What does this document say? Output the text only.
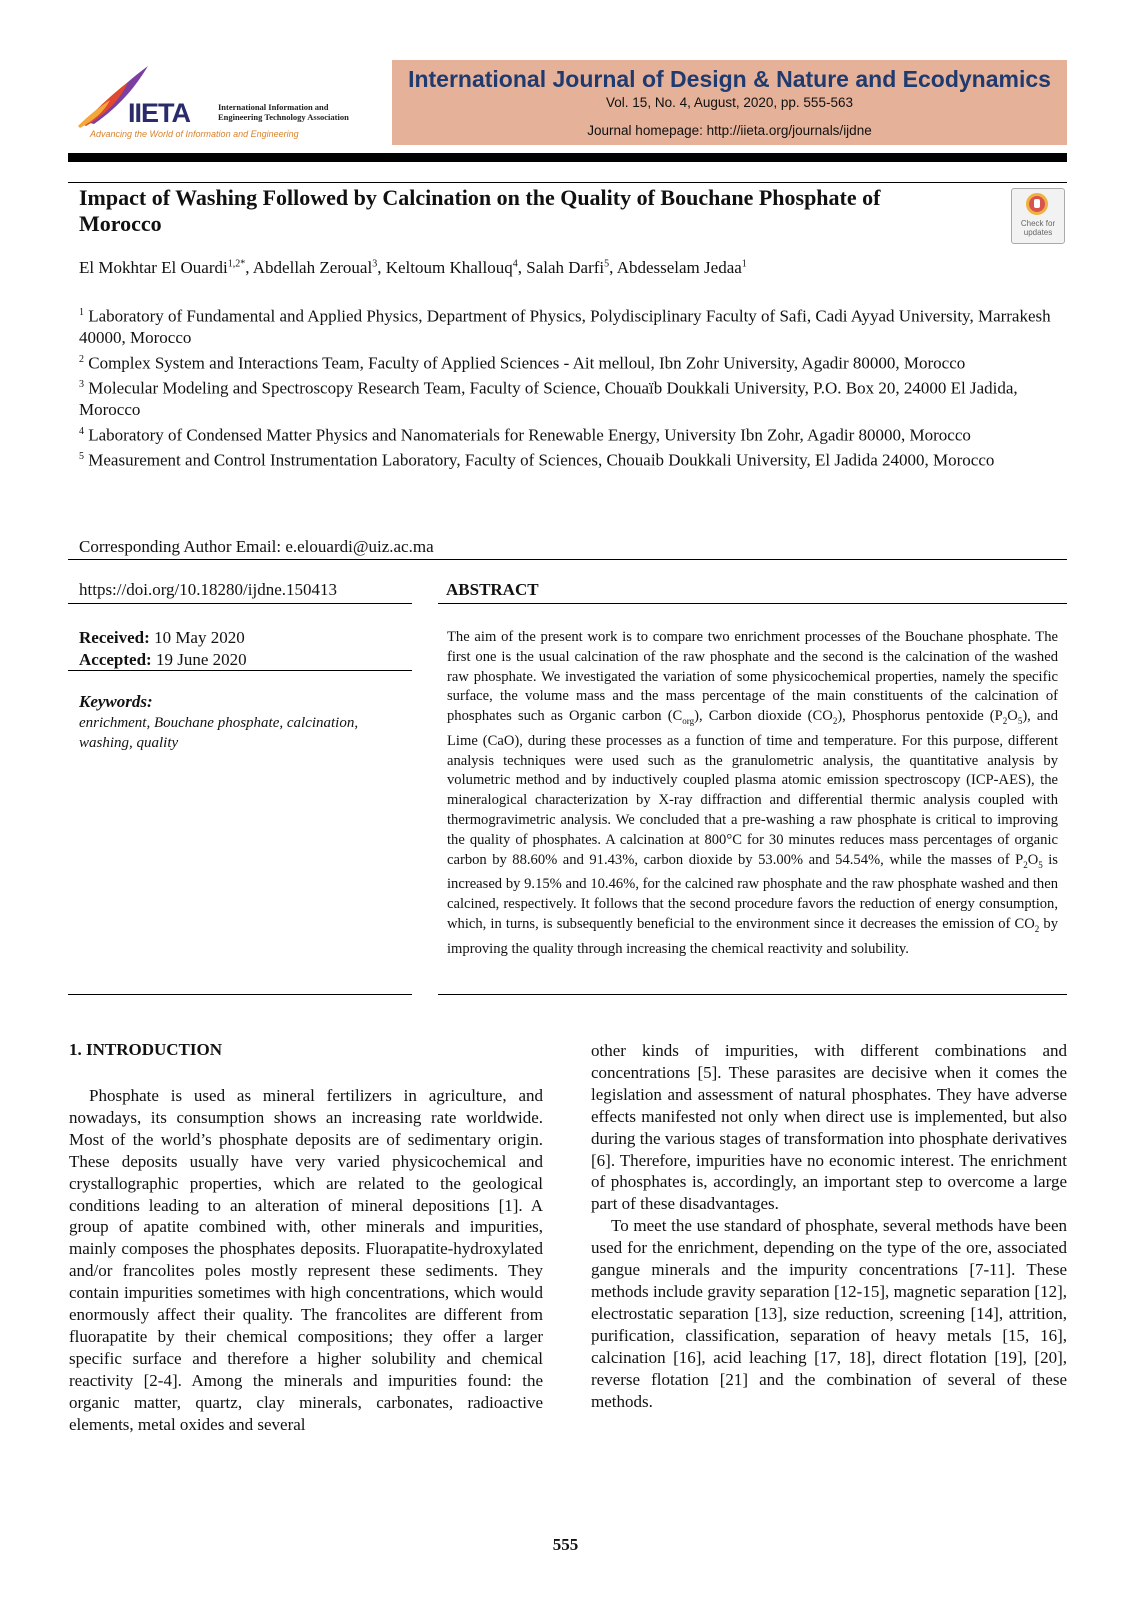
IIETA	International Information and
Engineering Technology Association
Advancing the World of Information and Engineering
International Journal of Design & Nature and Ecodynamics
Vol. 15, No. 4, August, 2020, pp. 555-563
Journal homepage: http://iieta.org/journals/ijdne
Impact of Washing Followed by Calcination on the Quality of Bouchane Phosphate of Morocco	Check for
updates
El Mokhtar El Ouardi$^{1,2*}$, Abdellah Zeroual$^3$, Keltoum Khallouq$^4$, Salah Darfi$^5$, Abdesselam Jedaa$^1$

$^1$ Laboratory of Fundamental and Applied Physics, Department of Physics, Polydisciplinary Faculty of Safi, Cadi Ayyad University, Marrakesh 40000, Morocco

$^2$ Complex System and Interactions Team, Faculty of Applied Sciences - Ait melloul, Ibn Zohr University, Agadir 80000, Morocco

$^3$ Molecular Modeling and Spectroscopy Research Team, Faculty of Science, Chouaïb Doukkali University, P.O. Box 20, 24000 El Jadida, Morocco

$^4$ Laboratory of Condensed Matter Physics and Nanomaterials for Renewable Energy, University Ibn Zohr, Agadir 80000, Morocco

$^5$ Measurement and Control Instrumentation Laboratory, Faculty of Sciences, Chouaib Doukkali University, El Jadida 24000, Morocco

Corresponding Author Email: e.elouardi@uiz.ac.ma
https://doi.org/10.18280/ijdne.150413
Received: 10 May 2020
Accepted: 19 June 2020
Keywords:
enrichment, Bouchane phosphate, calcination, washing, quality
ABSTRACT
The aim of the present work is to compare two enrichment processes of the Bouchane phosphate. The first one is the usual calcination of the raw phosphate and the second is the calcination of the washed raw phosphate. We investigated the variation of some physicochemical properties, namely the specific surface, the volume mass and the mass percentage of the main constituents of the calcination of phosphates such as Organic carbon $(C_{org})$, Carbon dioxide $(CO_2)$, Phosphorus pentoxide $(P_2O_5)$, and Lime (CaO), during these processes as a function of time and temperature. For this purpose, different analysis techniques were used such as the granulometric analysis, the quantitative analysis by volumetric method and by inductively coupled plasma atomic emission spectroscopy (ICP-AES), the mineralogical characterization by X-ray diffraction and differential thermic analysis coupled with thermogravimetric analysis. We concluded that a pre-washing a raw phosphate is critical to improving the quality of phosphates. A calcination at 800°C for 30 minutes reduces mass percentages of organic carbon by 88.60% and 91.43%, carbon dioxide by 53.00% and 54.54%, while the masses of $P_2O_5$ is increased by 9.15% and 10.46%, for the calcined raw phosphate and the raw phosphate washed and then calcined, respectively. It follows that the second procedure favors the reduction of energy consumption, which, in turns, is subsequently beneficial to the environment since it decreases the emission of $CO_2$ by improving the quality through increasing the chemical reactivity and solubility.
1. INTRODUCTION

Phosphate is used as mineral fertilizers in agriculture, and nowadays, its consumption shows an increasing rate worldwide. Most of the world’s phosphate deposits are of sedimentary origin. These deposits usually have very varied physicochemical and crystallographic properties, which are related to the geological conditions leading to an alteration of mineral depositions [1]. A group of apatite combined with, other minerals and impurities, mainly composes the phosphates deposits. Fluorapatite-hydroxylated and/or francolites poles mostly represent these sediments. They contain impurities sometimes with high concentrations, which would enormously affect their quality. The francolites are different from fluorapatite by their chemical compositions; they offer a larger specific surface and therefore a higher solubility and chemical reactivity [2-4]. Among the minerals and impurities found: the organic matter, quartz, clay minerals, carbonates, radioactive elements, metal oxides and several

other kinds of impurities, with different combinations and concentrations [5]. These parasites are decisive when it comes the legislation and assessment of natural phosphates. They have adverse effects manifested not only when direct use is implemented, but also during the various stages of transformation into phosphate derivatives [6]. Therefore, impurities have no economic interest. The enrichment of phosphates is, accordingly, an important step to overcome a large part of these disadvantages.

To meet the use standard of phosphate, several methods have been used for the enrichment, depending on the type of the ore, associated gangue minerals and the impurity concentrations [7-11]. These methods include gravity separation [12-15], magnetic separation [12], electrostatic separation [13], size reduction, screening [14], attrition, purification, classification, separation of heavy metals [15, 16], calcination [16], acid leaching [17, 18], direct flotation [19], [20], reverse flotation [21] and the combination of several of these methods.

555
